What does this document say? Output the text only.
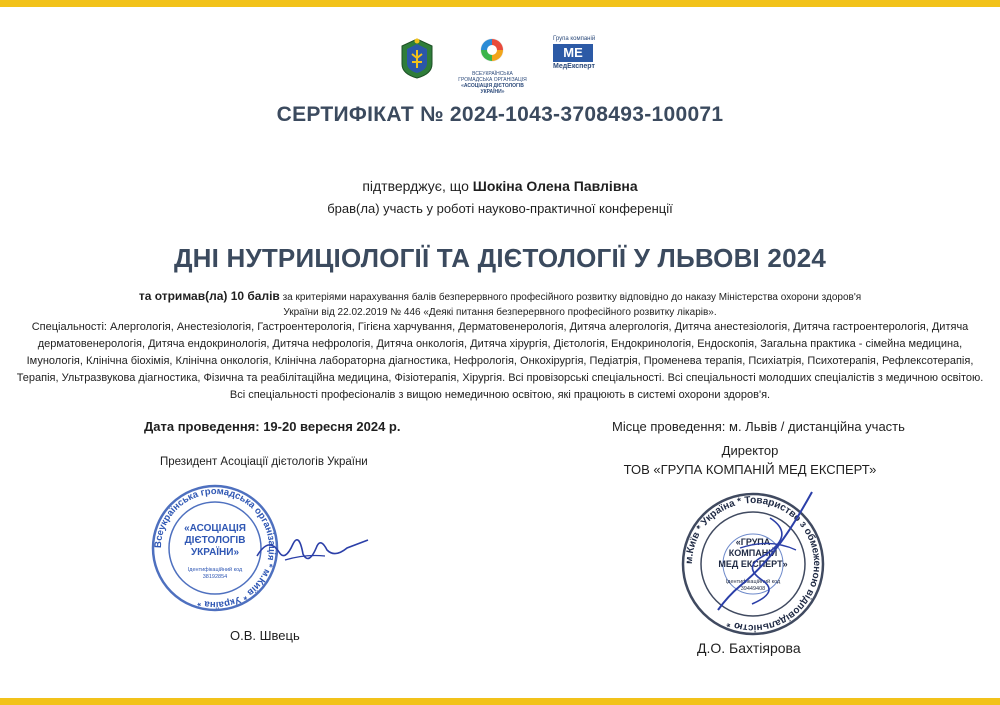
ВСЕУКРАЇНСЬКА ГРОМАДСЬКА ОРГАНІЗАЦІЯ
«АСОЦІАЦІЯ ДІЄТОЛОГІВ УКРАЇНИ»
Група компаній
МЕ
МедЕксперт
СЕРТИФІКАТ № 2024-1043-3708493-100071
підтверджує, що Шокіна Олена Павлівна
брав(ла) участь у роботі науково-практичної конференції
ДНІ НУТРИЦІОЛОГІЇ ТА ДІЄТОЛОГІЇ У ЛЬВОВІ 2024
та отримав(ла) 10 балів за критеріями нарахування балів безперервного професійного розвитку відповідно до наказу Міністерства охорони здоров'я України від 22.02.2019 № 446 «Деякі питання безперервного професійного розвитку лікарів».
Спеціальності: Алергологія, Анестезіологія, Гастроентерологія, Гігієна харчування, Дерматовенерологія, Дитяча алергологія, Дитяча анестезіологія, Дитяча гастроентерологія, Дитяча дерматовенерологія, Дитяча ендокринологія, Дитяча нефрологія, Дитяча онкологія, Дитяча хірургія, Дієтологія, Ендокринологія, Ендоскопія, Загальна практика - сімейна медицина, Імунологія, Клінічна біохімія, Клінічна онкологія, Клінічна лабораторна діагностика, Нефрологія, Онкохірургія, Педіатрія, Променева терапія, Психіатрія, Психотерапія, Рефлексотерапія, Терапія, Ультразвукова діагностика, Фізична та реабілітаційна медицина, Фізіотерапія, Хірургія. Всі провізорські спеціальності. Всі спеціальності молодших спеціалістів з медичною освітою. Всі спеціальності професіоналів з вищою немедичною освітою, які працюють в системі охорони здоров'я.
Дата проведення: 19-20 вересня 2024 р.	Місце проведення: м. Львів / дистанційна участь
Президент Асоціації дієтологів України
Директор
ТОВ «ГРУПА КОМПАНІЙ МЕД ЕКСПЕРТ»
Всеукраїнська громадська організація * м.Київ * Україна *
«АСОЦІАЦІЯ ДІЄТОЛОГІВ УКРАЇНИ»
Ідентифікаційний код 38192854
О.В. Швець
м.Київ * Україна * Товариство з обмеженою відповідальністю *
«ГРУПА КОМПАНІЙ МЕД ЕКСПЕРТ»
Ідентифікаційний код 39449408
Д.О. Бахтіярова
